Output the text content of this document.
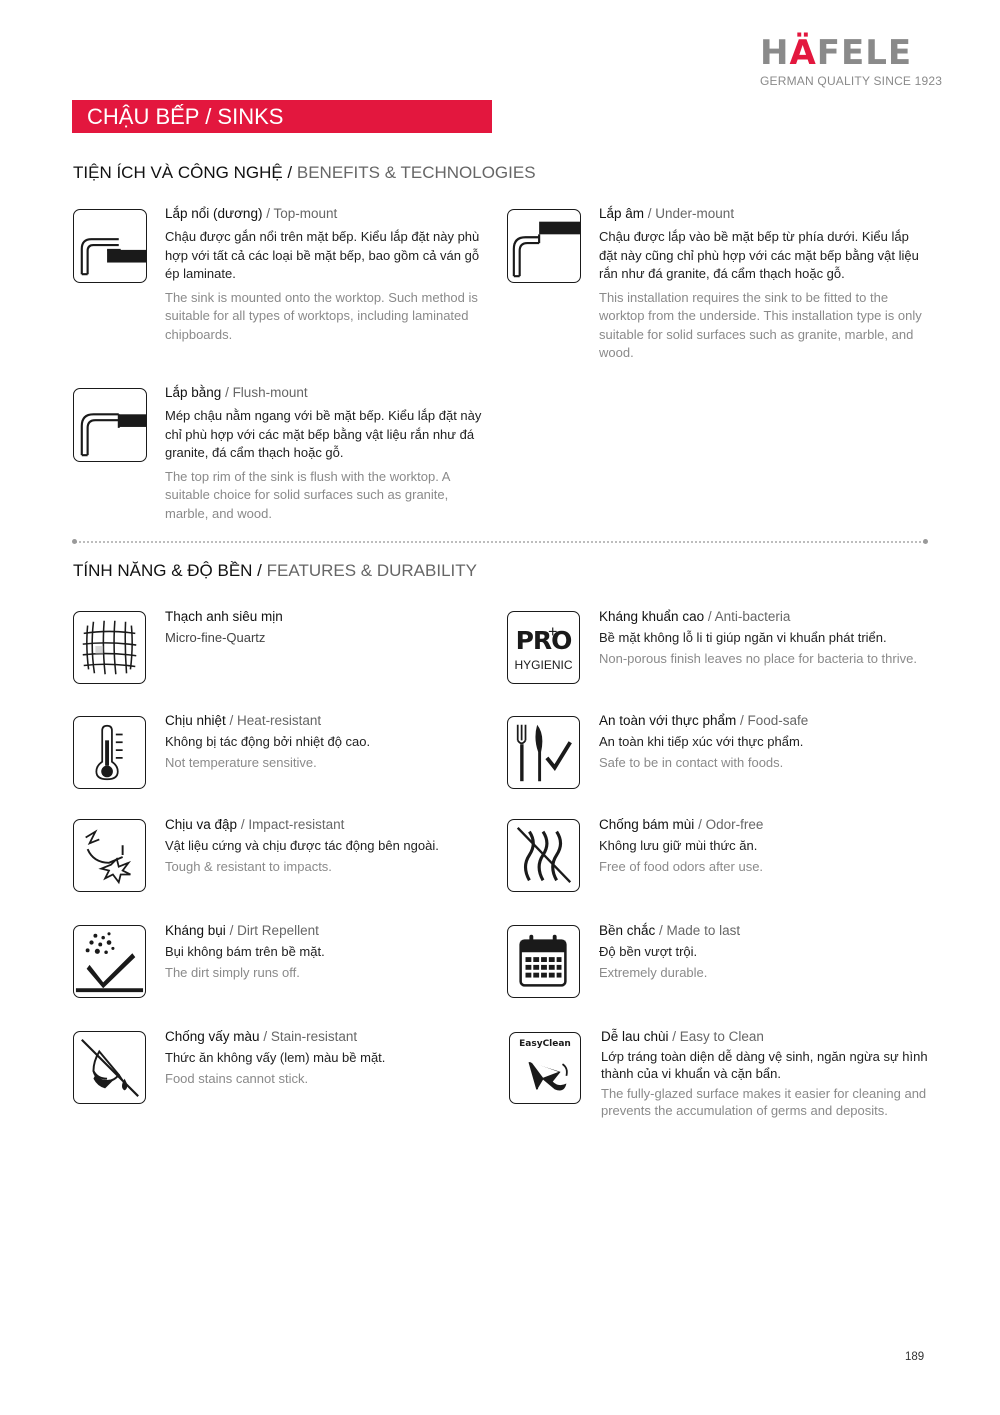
HÄFELE
GERMAN QUALITY SINCE 1923
CHẬU BẾP / SINKS
TIỆN ÍCH VÀ CÔNG NGHỆ / BENEFITS & TECHNOLOGIES
Lắp nổi (dương) / Top-mount
Chậu được gắn nổi trên mặt bếp. Kiểu lắp đặt này phù hợp với tất cả các loại bề mặt bếp, bao gồm cả ván gỗ ép laminate.
The sink is mounted onto the worktop. Such method is suitable for all types of worktops, including laminated chipboards.
Lắp âm / Under-mount
Chậu được lắp vào bề mặt bếp từ phía dưới. Kiểu lắp đặt này cũng chỉ phù hợp với các mặt bếp bằng vật liệu rắn như đá granite, đá cẩm thạch hoặc gỗ.
This installation requires the sink to be fitted to the worktop from the underside. This installation type is only suitable for solid surfaces such as granite, marble, and wood.
Lắp bằng / Flush-mount
Mép chậu nằm ngang với bề mặt bếp. Kiểu lắp đặt này chỉ phù hợp với các mặt bếp bằng vật liệu rắn như đá granite, đá cẩm thạch hoặc gỗ.
The top rim of the sink is flush with the worktop. A suitable choice for solid surfaces such as granite, marble, and wood.
TÍNH NĂNG & ĐỘ BỀN / FEATURES & DURABILITY
Thạch anh siêu mịn
Micro-fine-Quartz
Chịu nhiệt / Heat-resistant
Không bị tác động bởi nhiệt độ cao.
Not temperature sensitive.
Chịu va đập / Impact-resistant
Vật liệu cứng và chịu được tác động bên ngoài.
Tough & resistant to impacts.
Kháng bụi / Dirt Repellent
Bụi không bám trên bề mặt.
The dirt simply runs off.
Chống vấy màu / Stain-resistant
Thức ăn không vấy (lem) màu bề mặt.
Food stains cannot stick.
PRO
HYGIENIC
Kháng khuẩn cao / Anti-bacteria
Bề mặt không lỗ li ti giúp ngăn vi khuẩn phát triển.
Non-porous finish leaves no place for bacteria to thrive.
An toàn với thực phẩm / Food-safe
An toàn khi tiếp xúc với thực phẩm.
Safe to be in contact with foods.
Chống bám mùi / Odor-free
Không lưu giữ mùi thức ăn.
Free of food odors after use.
Bền chắc / Made to last
Độ bền vượt trội.
Extremely durable.
EasyClean	Dễ lau chùi / Easy to Clean
Lớp tráng toàn diện dễ dàng vệ sinh, ngăn ngừa sự hình thành của vi khuẩn và cặn bẩn.
The fully-glazed surface makes it easier for cleaning and prevents the accumulation of germs and deposits.
189
